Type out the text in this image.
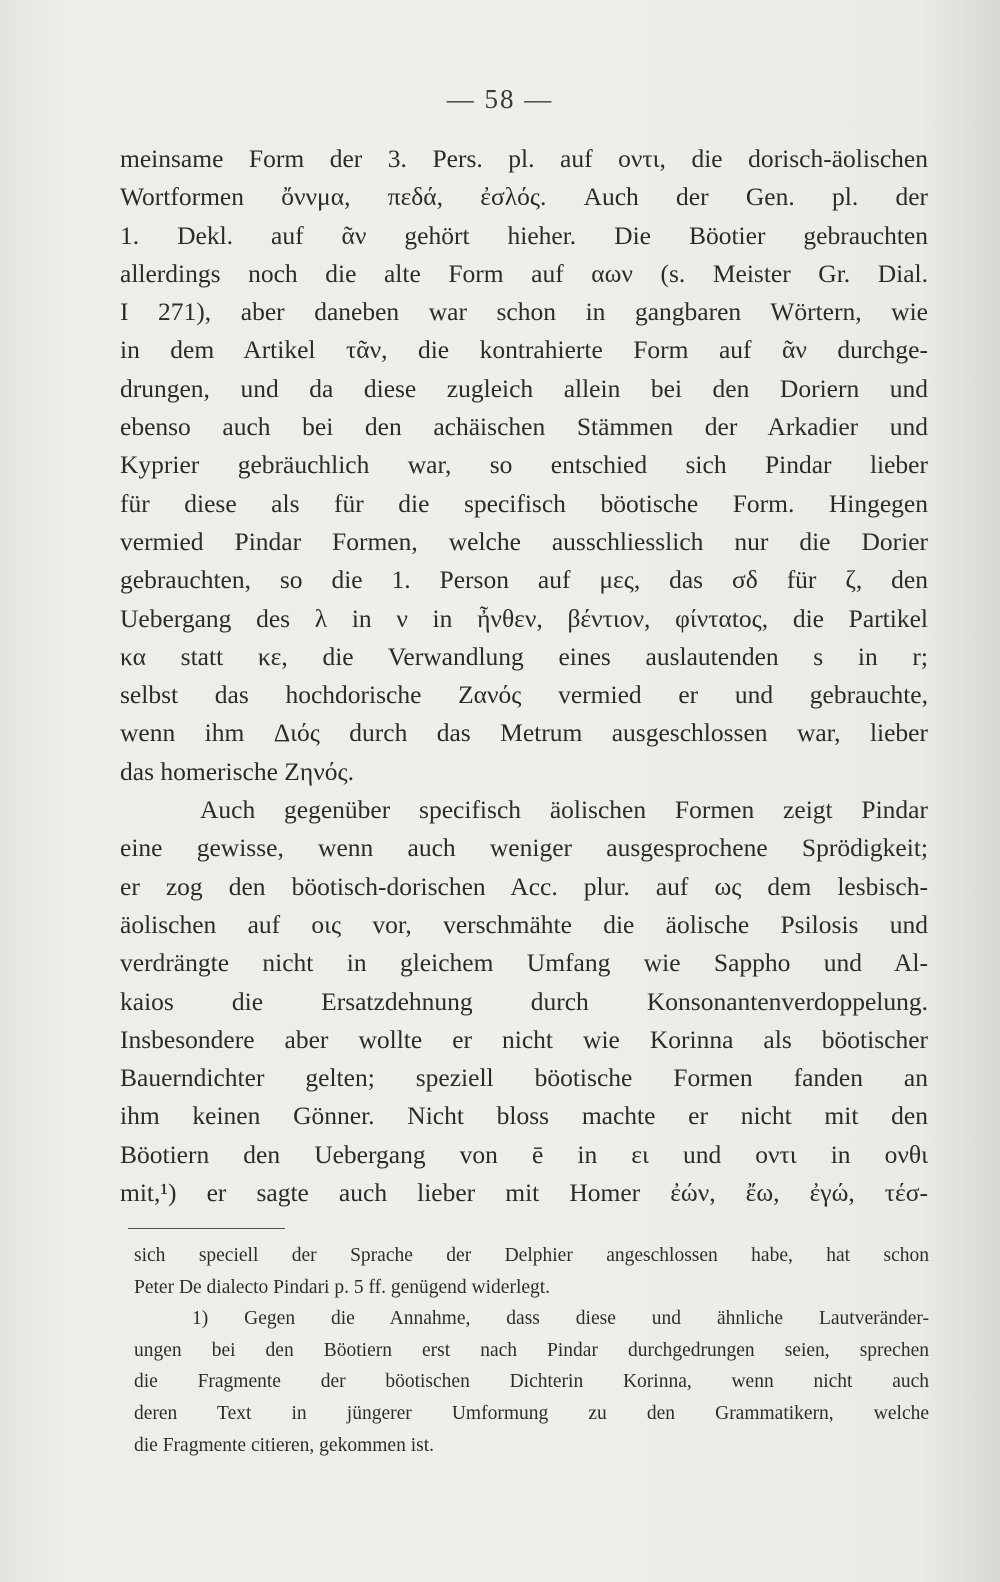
— 58 —
meinsame Form der 3. Pers. pl. auf οντι, die dorisch-äolischen
Wortformen ὄννμα, πεδά, ἐσλός. Auch der Gen. pl. der
1. Dekl. auf ᾶν gehört hieher. Die Böotier gebrauchten
allerdings noch die alte Form auf αων (s. Meister Gr. Dial.
I 271), aber daneben war schon in gangbaren Wörtern, wie
in dem Artikel τᾶν, die kontrahierte Form auf ᾶν durchge-
drungen, und da diese zugleich allein bei den Doriern und
ebenso auch bei den achäischen Stämmen der Arkadier und
Kyprier gebräuchlich war, so entschied sich Pindar lieber
für diese als für die specifisch böotische Form. Hingegen
vermied Pindar Formen, welche ausschliesslich nur die Dorier
gebrauchten, so die 1. Person auf μες, das σδ für ζ, den
Uebergang des λ in ν in ἦνθεν, βέντιον, φίνταtος, die Partikel
κα statt κε, die Verwandlung eines auslautenden s in r;
selbst das hochdorische Ζανός vermied er und gebrauchte,
wenn ihm Διός durch das Metrum ausgeschlossen war, lieber
das homerische Ζηνός.
Auch gegenüber specifisch äolischen Formen zeigt Pindar
eine gewisse, wenn auch weniger ausgesprochene Sprödigkeit;
er zog den böotisch-dorischen Acc. plur. auf ως dem lesbisch-
äolischen auf οις vor, verschmähte die äolische Psilosis und
verdrängte nicht in gleichem Umfang wie Sappho und Al-
kaios die Ersatzdehnung durch Konsonantenverdoppelung.
Insbesondere aber wollte er nicht wie Korinna als böotischer
Bauerndichter gelten; speziell böotische Formen fanden an
ihm keinen Gönner. Nicht bloss machte er nicht mit den
Böotiern den Uebergang von ē in ει und οντι in ονθι
mit,¹) er sagte auch lieber mit Homer ἐών, ἔω, ἐγώ, τέσ-
sich speciell der Sprache der Delphier angeschlossen habe, hat schon
Peter De dialecto Pindari p. 5 ff. genügend widerlegt.
1) Gegen die Annahme, dass diese und ähnliche Lautveränder-
ungen bei den Böotiern erst nach Pindar durchgedrungen seien, sprechen
die Fragmente der böotischen Dichterin Korinna, wenn nicht auch
deren Text in jüngerer Umformung zu den Grammatikern, welche
die Fragmente citieren, gekommen ist.
